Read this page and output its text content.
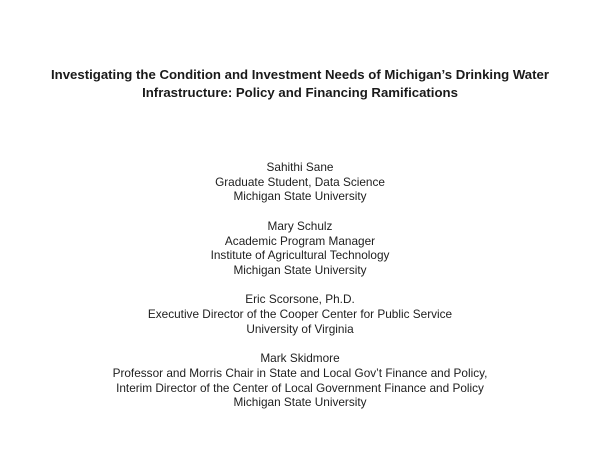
Investigating the Condition and Investment Needs of Michigan’s Drinking Water
Infrastructure: Policy and Financing Ramifications
Sahithi Sane
Graduate Student, Data Science
Michigan State University
Mary Schulz
Academic Program Manager
Institute of Agricultural Technology
Michigan State University
Eric Scorsone, Ph.D.
Executive Director of the Cooper Center for Public Service
University of Virginia
Mark Skidmore
Professor and Morris Chair in State and Local Gov’t Finance and Policy,
Interim Director of the Center of Local Government Finance and Policy
Michigan State University
